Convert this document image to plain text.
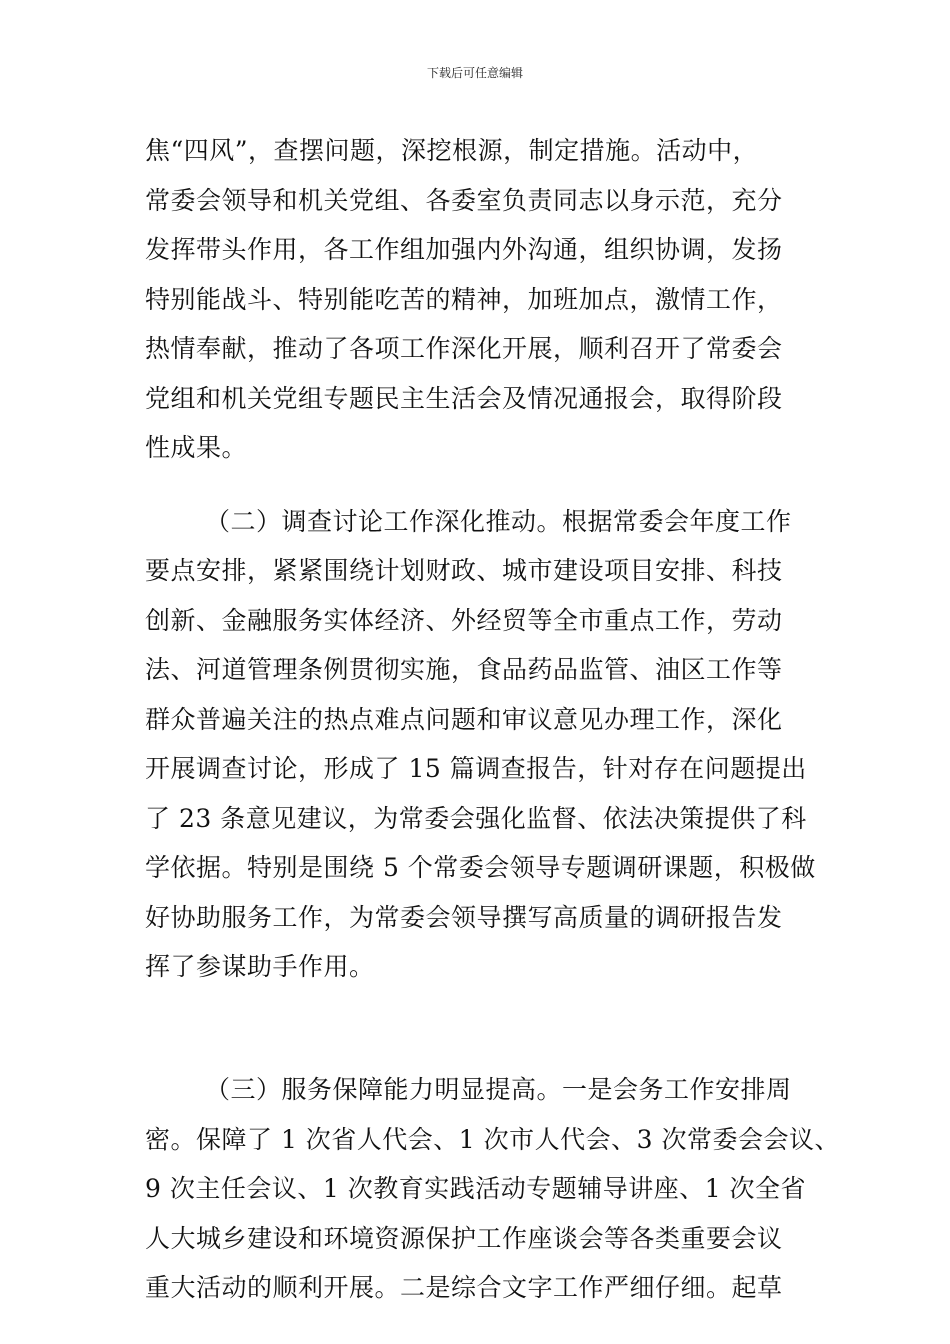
下载后可任意编辑
焦“四风”，查摆问题，深挖根源，制定措施。活动中，
常委会领导和机关党组、各委室负责同志以身示范，充分
发挥带头作用，各工作组加强内外沟通，组织协调，发扬
特别能战斗、特别能吃苦的精神，加班加点，激情工作，
热情奉献，推动了各项工作深化开展，顺利召开了常委会
党组和机关党组专题民主生活会及情况通报会，取得阶段
性成果。
（二）调查讨论工作深化推动。根据常委会年度工作
要点安排，紧紧围绕计划财政、城市建设项目安排、科技
创新、金融服务实体经济、外经贸等全市重点工作，劳动
法、河道管理条例贯彻实施，食品药品监管、油区工作等
群众普遍关注的热点难点问题和审议意见办理工作，深化
开展调查讨论，形成了 15 篇调查报告，针对存在问题提出
了 23 条意见建议，为常委会强化监督、依法决策提供了科
学依据。特别是围绕 5 个常委会领导专题调研课题，积极做
好协助服务工作，为常委会领导撰写高质量的调研报告发
挥了参谋助手作用。
（三）服务保障能力明显提高。一是会务工作安排周
密。保障了 1 次省人代会、1 次市人代会、3 次常委会会议、
9 次主任会议、1 次教育实践活动专题辅导讲座、1 次全省
人大城乡建设和环境资源保护工作座谈会等各类重要会议
重大活动的顺利开展。二是综合文字工作严细仔细。起草
